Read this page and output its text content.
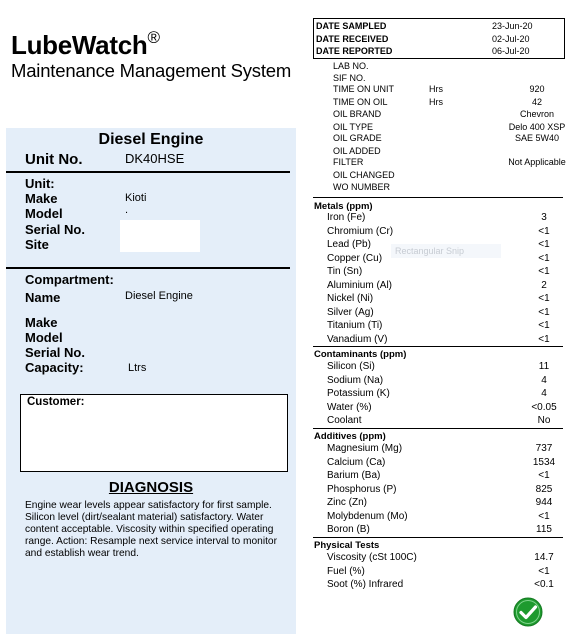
LubeWatch®
Maintenance Management System
Diesel Engine
Unit No.	DK40HSE
Unit:
Make	Kioti
Model	.
Serial No.
Site
Compartment:
Name	Diesel Engine
Make
Model
Serial No.
Capacity:	Ltrs
Customer:
DIAGNOSIS
Engine wear levels appear satisfactory for first sample. Silicon level (dirt/sealant material) satisfactory. Water content acceptable. Viscosity within specified operating range. Action: Resample next service interval to monitor and establish wear trend.
DATE SAMPLED	23-Jun-20
DATE RECEIVED	02-Jul-20
DATE REPORTED	06-Jul-20
LAB NO.
SIF NO.
TIME ON UNIT	Hrs	920
TIME ON OIL	Hrs	42
OIL BRAND	Chevron
OIL TYPE	Delo 400 XSP
OIL GRADE	SAE 5W40
OIL ADDED
FILTER	Not Applicable
OIL CHANGED
WO NUMBER
Metals (ppm)
Iron (Fe)	3
Chromium (Cr)	<1
Lead (Pb)	<1
Rectangular Snip
Copper (Cu)	<1
Tin (Sn)	<1
Aluminium (Al)	2
Nickel (Ni)	<1
Silver (Ag)	<1
Titanium (Ti)	<1
Vanadium (V)	<1
Contaminants (ppm)
Silicon (Si)	11
Sodium (Na)	4
Potassium (K)	4
Water (%)	<0.05
Coolant	No
Additives (ppm)
Magnesium (Mg)	737
Calcium (Ca)	1534
Barium (Ba)	<1
Phosphorus (P)	825
Zinc (Zn)	944
Molybdenum (Mo)	<1
Boron (B)	115
Physical Tests
Viscosity (cSt 100C)	14.7
Fuel (%)	<1
Soot (%) Infrared	<0.1
